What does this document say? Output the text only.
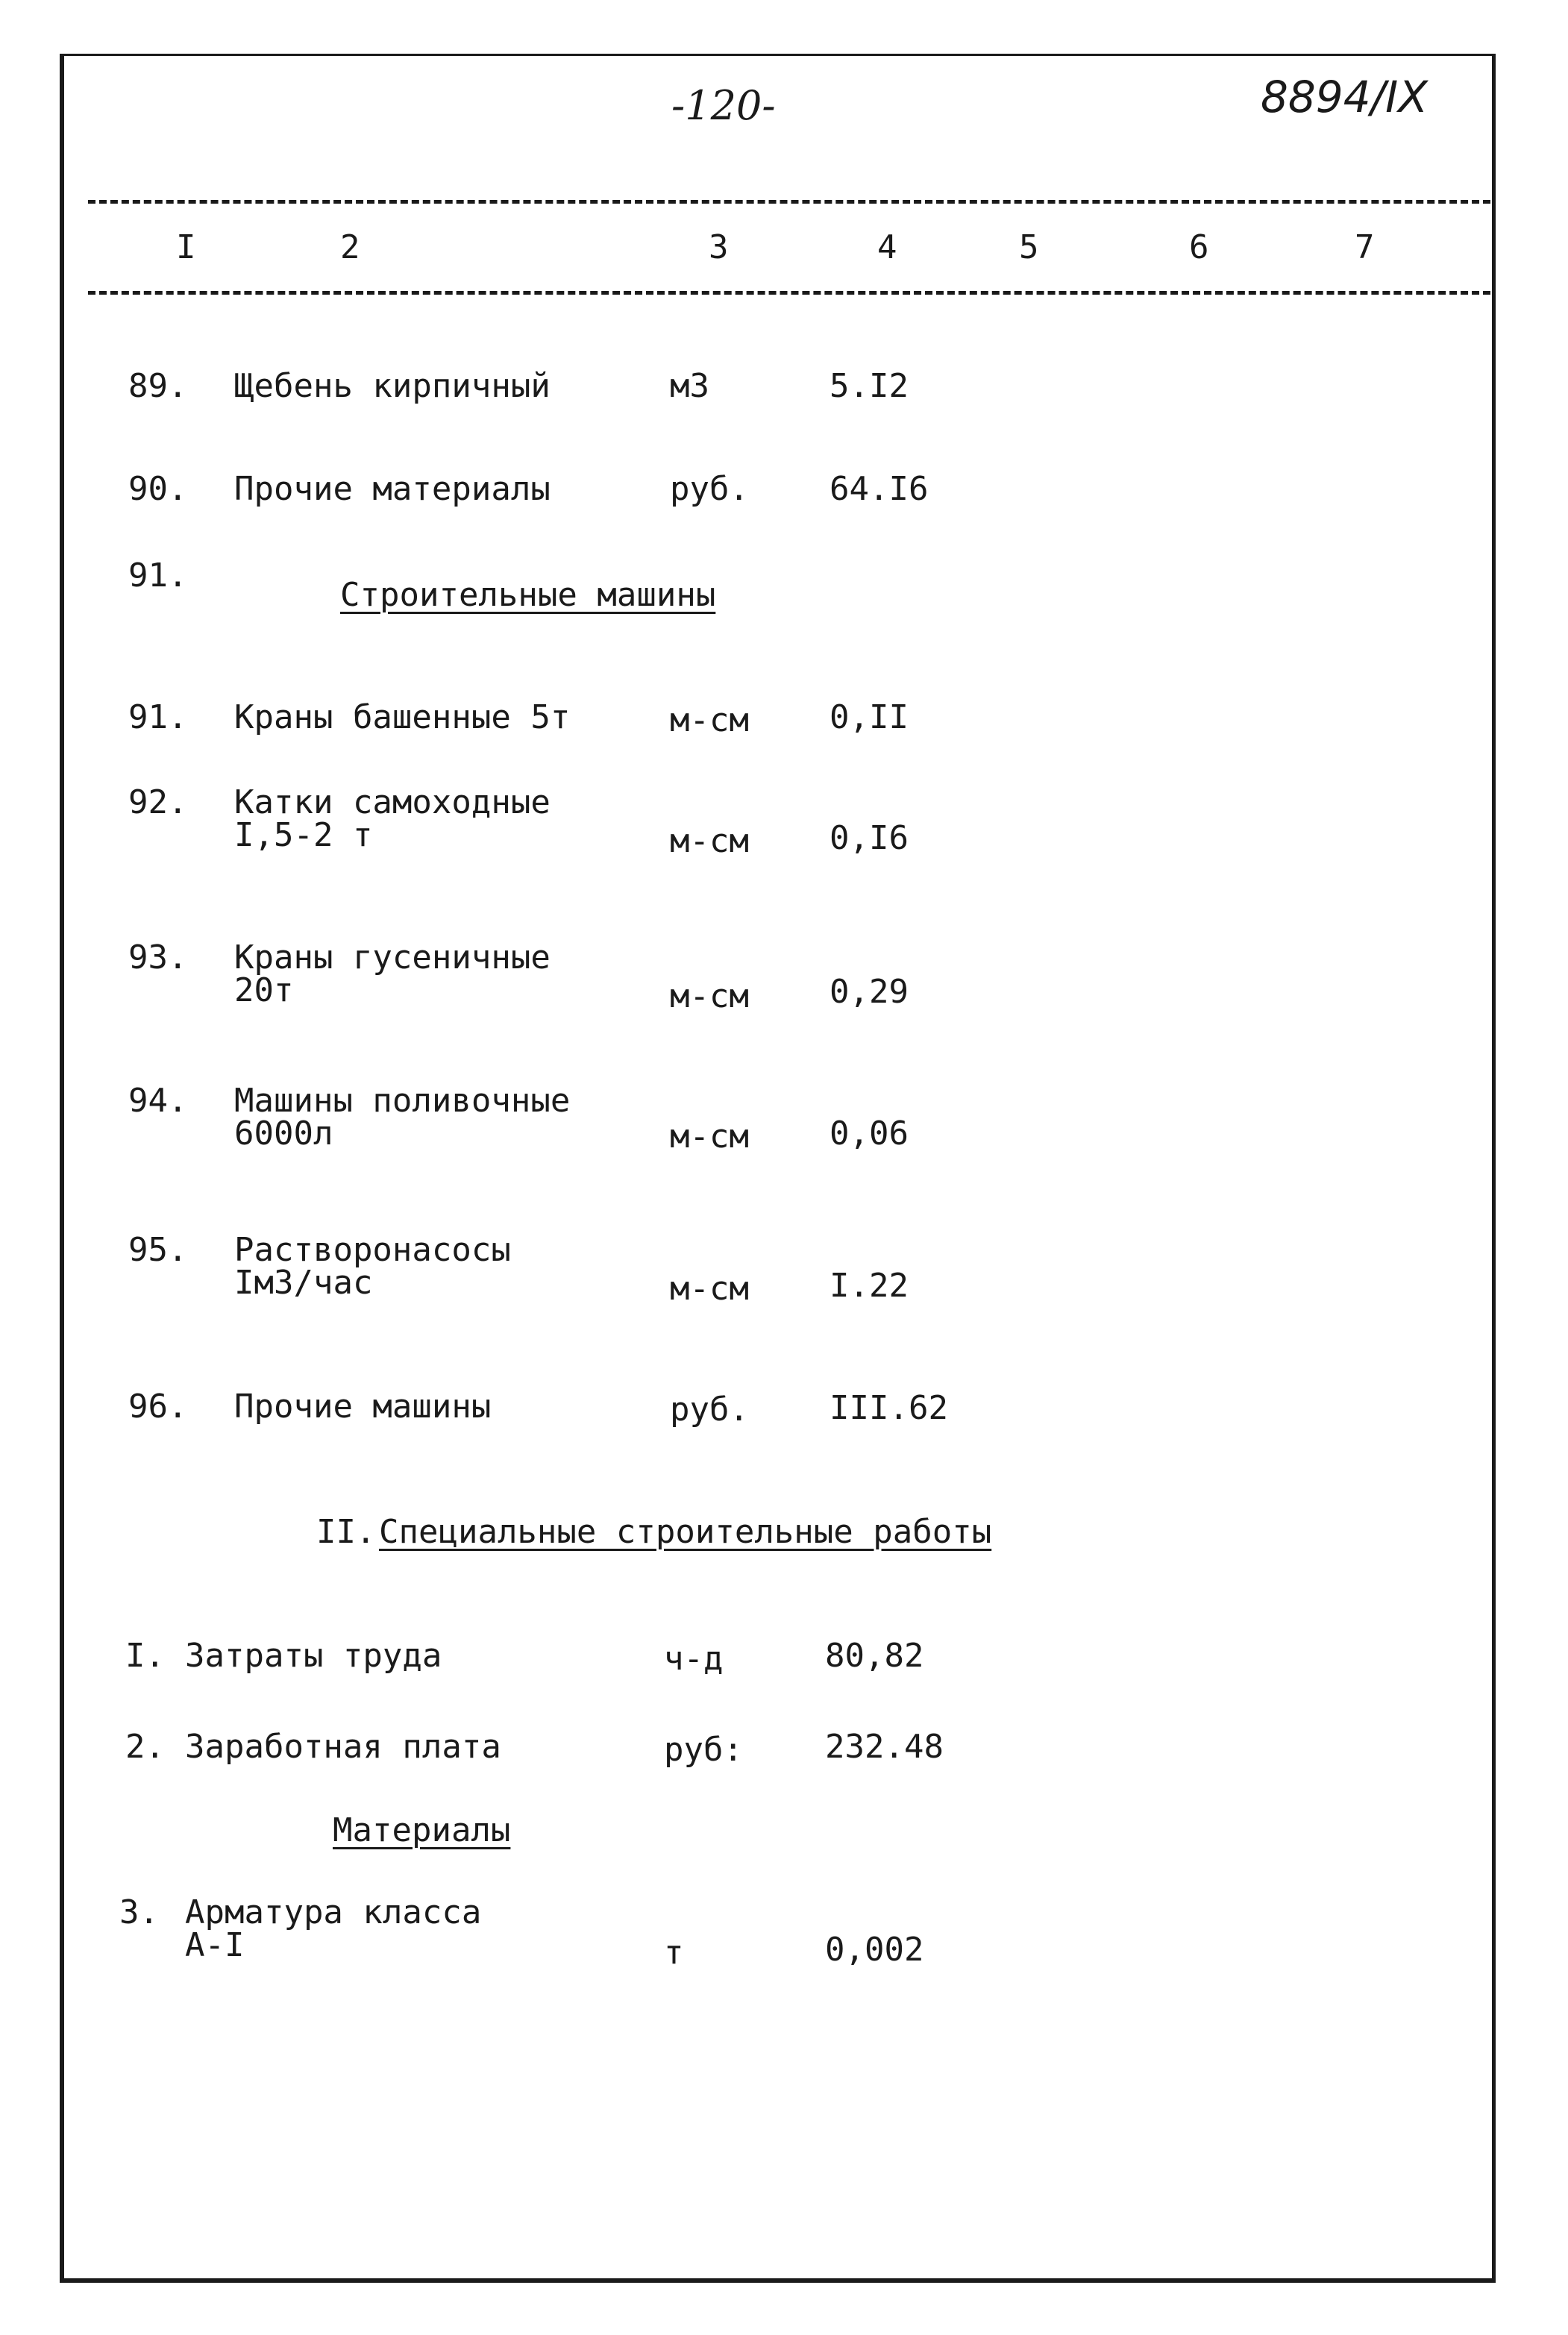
-120-	8894/IX
I	2	3	4	5	6	7
89. Щебень кирпичный	м3	5.I2
90. Прочие материалы	руб. 64.I6
91.
Строительные машины
91. Краны башенные 5т	м-см 0,II
92. Катки самоходные
I,5-2 т	м-см 0,I6
93. Краны гусеничные
20т	м-см 0,29
94. Машины поливочные
6000л	м-см 0,06
95. Растворонасосы
Iм3/час	м-см I.22
96. Прочие машины	руб. III.62
II. Специальные строительные работы
I. Затраты труда	ч-д	80,82
2. Заработная плата	руб:	232.48
Материалы
3. Арматура класса
А-I	т	0,002
